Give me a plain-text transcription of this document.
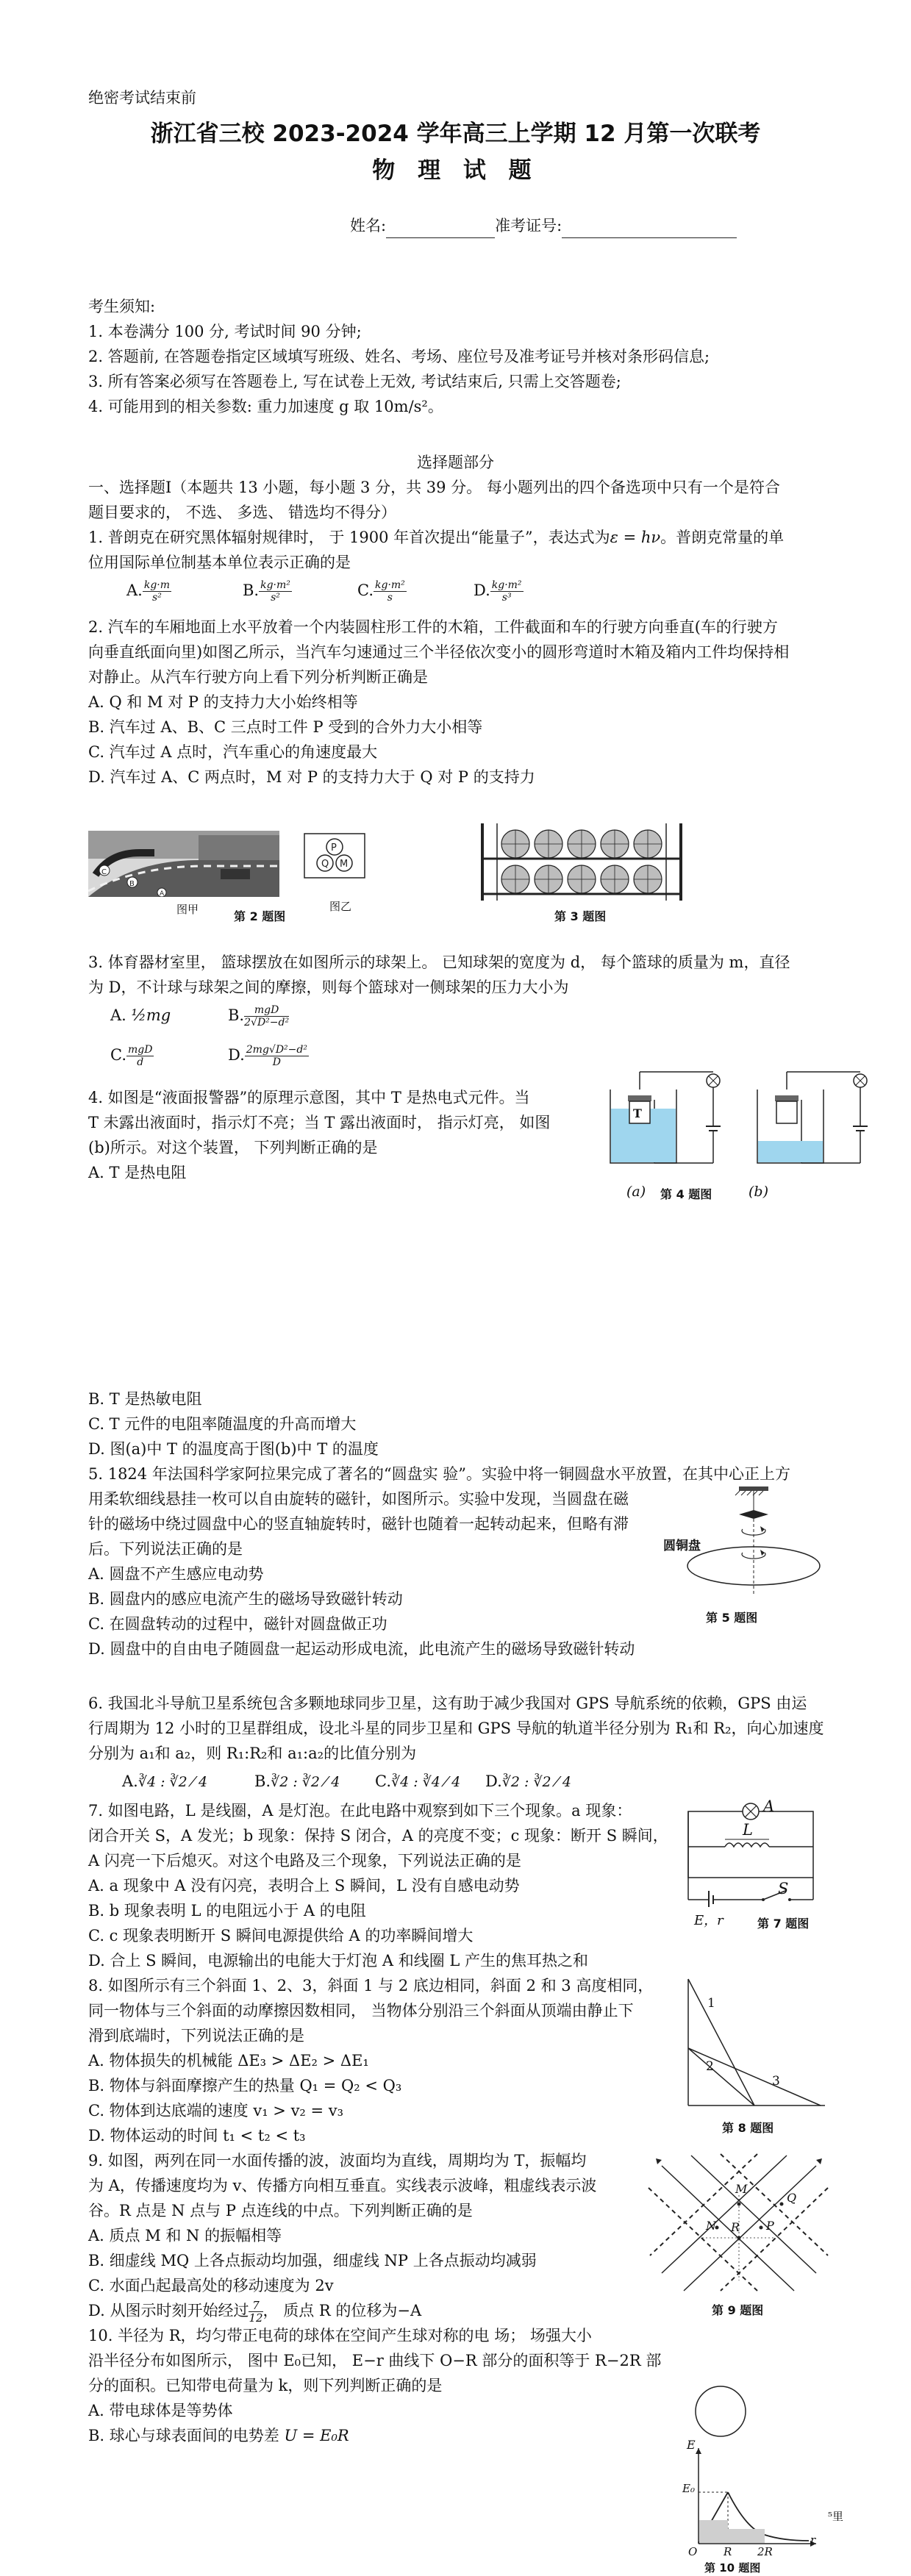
绝密考试结束前
浙江省三校 2023-2024 学年高三上学期 12 月第一次联考
物 理 试 题
姓名:	准考证号:
考生须知:
1. 本卷满分 100 分, 考试时间 90 分钟;
2. 答题前, 在答题卷指定区域填写班级、姓名、考场、座位号及准考证号并核对条形码信息;
3. 所有答案必须写在答题卷上, 写在试卷上无效, 考试结束后, 只需上交答题卷;
4. 可能用到的相关参数: 重力加速度 g 取 10m/s²。
选择题部分
一、选择题Ⅰ（本题共 13 小题，每小题 3 分，共 39 分。 每小题列出的四个备选项中只有一个是符合
题目要求的， 不选、 多选、 错选均不得分）
1. 普朗克在研究黑体辐射规律时， 于 1900 年首次提出“能量子”，表达式为ε = hν。普朗克常量的单
位用国际单位制基本单位表示正确的是
A. $\frac{kg\cdot m}{\text{s²}}$	B. $\frac{\text{kg·m²}}{\text{s²}}$	C. $\frac{\text{kg·m²}}{s}$	D. $\frac{\text{kg·m²}}{\text{s³}}$
2. 汽车的车厢地面上水平放着一个内装圆柱形工件的木箱，工件截面和车的行驶方向垂直(车的行驶方
向垂直纸面向里)如图乙所示，当汽车匀速通过三个半径依次变小的圆形弯道时木箱及箱内工件均保持相
对静止。从汽车行驶方向上看下列分析判断正确是
A. Q 和 M 对 P 的支持力大小始终相等
B. 汽车过 A、B、C 三点时工件 P 受到的合外力大小相等
C. 汽车过 A 点时，汽车重心的角速度最大
D. 汽车过 A、C 两点时，M 对 P 的支持力大于 Q 对 P 的支持力
C
B
A
图甲
P
Q M
图乙
第 2 题图	第 3 题图
3. 体育器材室里， 篮球摆放在如图所示的球架上。 已知球架的宽度为 d， 每个篮球的质量为 m，直径
为 D，不计球与球架之间的摩擦，则每个篮球对一侧球架的压力大小为
A. ½mg	B. $\frac{\text{mgD}}{\text{2√D²−d²}}$
C. $\frac{\text{mgD}}{d}$	D. $\frac{\text{2mg√D²−d²}}{D}$
4. 如图是“液面报警器”的原理示意图，其中 T 是热电式元件。当
T 未露出液面时，指示灯不亮；当 T 露出液面时， 指示灯亮， 如图
(b)所示。对这个装置， 下列判断正确的是
A. T 是热电阻
T
(a)	(b)
第 4 题图
B. T 是热敏电阻
C. T 元件的电阻率随温度的升高而增大
D. 图(a)中 T 的温度高于图(b)中 T 的温度
5. 1824 年法国科学家阿拉果完成了著名的“圆盘实 验”。实验中将一铜圆盘水平放置，在其中心正上方
用柔软细线悬挂一枚可以自由旋转的磁针，如图所示。实验中发现，当圆盘在磁
针的磁场中绕过圆盘中心的竖直轴旋转时，磁针也随着一起转动起来，但略有滞
后。下列说法正确的是
A. 圆盘不产生感应电动势
B. 圆盘内的感应电流产生的磁场导致磁针转动
C. 在圆盘转动的过程中，磁针对圆盘做正功
D. 圆盘中的自由电子随圆盘一起运动形成电流，此电流产生的磁场导致磁针转动
圆铜盘
第 5 题图
6. 我国北斗导航卫星系统包含多颗地球同步卫星，这有助于减少我国对 GPS 导航系统的依赖，GPS 由运
行周期为 12 小时的卫星群组成，设北斗星的同步卫星和 GPS 导航的轨道半径分别为 R₁和 R₂，向心加速度
分别为 a₁和 a₂，则 R₁:R₂和 a₁:a₂的比值分别为
A.∛4 : ∛2 ⁄ 4	B.∛2 : ∛2 ⁄ 4 C.∛4 : ∛4 ⁄ 4 D.∛2 : ∛2 ⁄ 4
7. 如图电路，L 是线圈，A 是灯泡。在此电路中观察到如下三个现象。a 现象：
闭合开关 S，A 发光；b 现象：保持 S 闭合，A 的亮度不变；c 现象：断开 S 瞬间，
A 闪亮一下后熄灭。对这个电路及三个现象，下列说法正确的是
A. a 现象中 A 没有闪亮，表明合上 S 瞬间，L 没有自感电动势
B. b 现象表明 L 的电阻远小于 A 的电阻
C. c 现象表明断开 S 瞬间电源提供给 A 的功率瞬间增大
D. 合上 S 瞬间，电源输出的电能大于灯泡 A 和线圈 L 产生的焦耳热之和
A
L
S
E，r	第 7 题图
8. 如图所示有三个斜面 1、2、3，斜面 1 与 2 底边相同，斜面 2 和 3 高度相同，
同一物体与三个斜面的动摩擦因数相同， 当物体分别沿三个斜面从顶端由静止下
滑到底端时，下列说法正确的是
A. 物体损失的机械能 ΔE₃ > ΔE₂ > ΔE₁
B. 物体与斜面摩擦产生的热量 Q₁ = Q₂ < Q₃
C. 物体到达底端的速度 v₁ > v₂ = v₃
D. 物体运动的时间 t₁ < t₂ < t₃
1
2
3
第 8 题图
9. 如图，两列在同一水面传播的波，波面均为直线，周期均为 T，振幅均
为 A，传播速度均为 v、传播方向相互垂直。实线表示波峰，粗虚线表示波
谷。R 点是 N 点与 P 点连线的中点。下列判断正确的是
A. 质点 M 和 N 的振幅相等
B. 细虚线 MQ 上各点振动均加强，细虚线 NP 上各点振动均减弱
C. 水面凸起最高处的移动速度为 2v
D. 从图示时刻开始经过 $\frac{7}{12}$ ， 质点 R 的位移为−A
M
N R P
Q
第 9 题图
10. 半径为 R，均匀带正电荷的球体在空间产生球对称的电 场； 场强大小
沿半径分布如图所示， 图中 E₀已知， E−r 曲线下 O−R 部分的面积等于 R−2R 部
分的面积。已知带电荷量为 k，则下列判断正确的是
A. 带电球体是等势体
B. 球心与球表面间的电势差 U = E₀R
E
E₀
O R 2R
r
⁵里
第 10 题图
